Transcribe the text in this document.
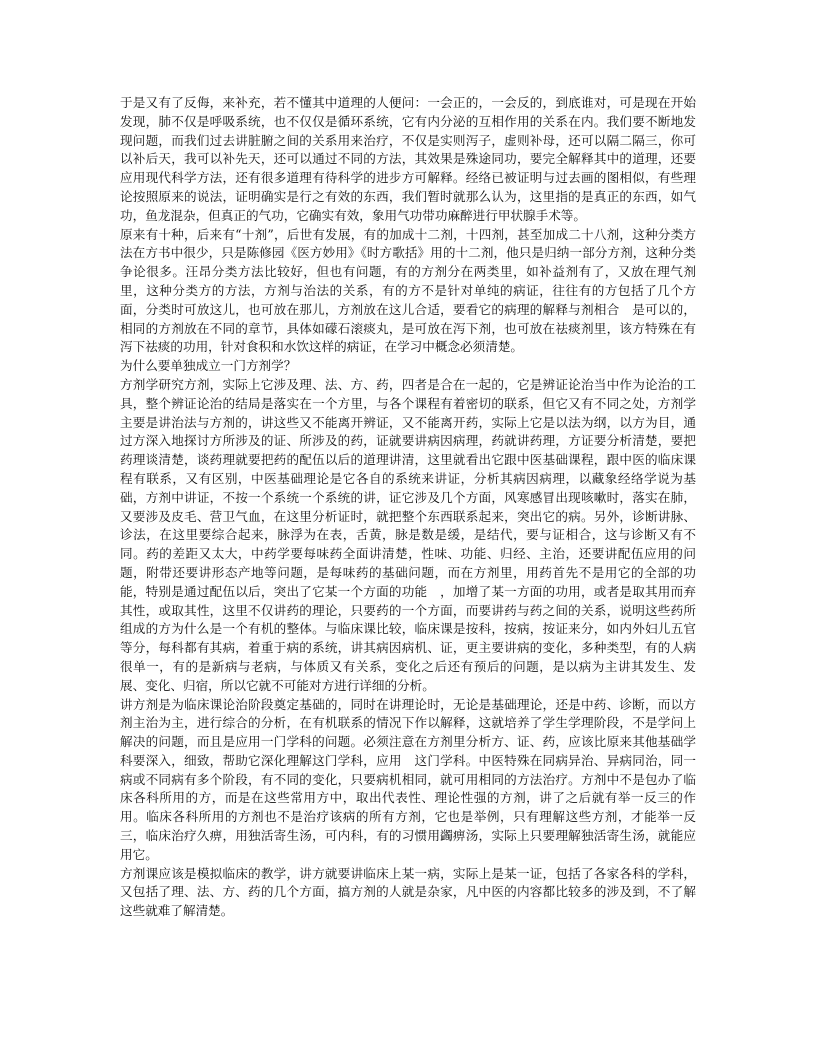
于是又有了反侮，来补充，若不懂其中道理的人便问：一会正的，一会反的，到底谁对，可是现在开始发现，肺不仅是呼吸系统，也不仅仅是循环系统，它有内分泌的互相作用的关系在内。我们要不断地发现问题，而我们过去讲脏腑之间的关系用来治疗，不仅是实则泻子，虚则补母，还可以隔二隔三，你可以补后天，我可以补先天，还可以通过不同的方法，其效果是殊途同功，要完全解释其中的道理，还要应用现代科学方法，还有很多道理有待科学的进步方可解释。经络已被证明与过去画的图相似，有些理论按照原来的说法，证明确实是行之有效的东西，我们暂时就那么认为，这里指的是真正的东西，如气功，鱼龙混杂，但真正的气功，它确实有效，象用气功带功麻醉进行甲状腺手术等。

原来有十种，后来有“十剂”，后世有发展，有的加成十二剂，十四剂，甚至加成二十八剂，这种分类方法在方书中很少，只是陈修园《医方妙用》《时方歌括》用的十二剂，他只是归纳一部分方剂，这种分类争论很多。汪昂分类方法比较好，但也有问题，有的方剂分在两类里，如补益剂有了，又放在理气剂里，这种分类方的方法，方剂与治法的关系，有的方不是针对单纯的病证，往往有的方包括了几个方面，分类时可放这儿，也可放在那儿，方剂放在这儿合适，要看它的病理的解释与剂相合　是可以的，相同的方剂放在不同的章节，具体如礞石滚痰丸，是可放在泻下剂，也可放在祛痰剂里，该方特殊在有泻下祛痰的功用，针对食积和水饮这样的病证，在学习中概念必须清楚。

为什么要单独成立一门方剂学？

方剂学研究方剂，实际上它涉及理、法、方、药，四者是合在一起的，它是辨证论治当中作为论治的工具，整个辨证论治的结局是落实在一个方里，与各个课程有着密切的联系，但它又有不同之处，方剂学主要是讲治法与方剂的，讲这些又不能离开辨证，又不能离开药，实际上它是以法为纲，以方为目，通过方深入地探讨方所涉及的证、所涉及的药，证就要讲病因病理，药就讲药理，方证要分析清楚，要把药理谈清楚，谈药理就要把药的配伍以后的道理讲清，这里就看出它跟中医基础课程，跟中医的临床课程有联系，又有区别，中医基础理论是它各自的系统来讲证，分析其病因病理，以藏象经络学说为基础，方剂中讲证，不按一个系统一个系统的讲，证它涉及几个方面，风寒感冒出现咳嗽时，落实在肺，又要涉及皮毛、营卫气血，在这里分析证时，就把整个东西联系起来，突出它的病。另外，诊断讲脉、诊法，在这里要综合起来，脉浮为在表，舌黄，脉是数是缓，是结代，要与证相合，这与诊断又有不同。药的差距又太大，中药学要每味药全面讲清楚，性味、功能、归经、主治，还要讲配伍应用的问题，附带还要讲形态产地等问题，是每味药的基础问题，而在方剂里，用药首先不是用它的全部的功能，特别是通过配伍以后，突出了它某一个方面的功能　，加增了某一方面的功用，或者是取其用而弃其性，或取其性，这里不仅讲药的理论，只要药的一个方面，而要讲药与药之间的关系，说明这些药所组成的方为什么是一个有机的整体。与临床课比较，临床课是按科，按病，按证来分，如内外妇儿五官等分，每科都有其病，着重于病的系统，讲其病因病机、证，更主要讲病的变化，多种类型，有的人病很单一，有的是新病与老病，与体质又有关系，变化之后还有预后的问题，是以病为主讲其发生、发展、变化、归宿，所以它就不可能对方进行详细的分析。

讲方剂是为临床课论治阶段奠定基础的，同时在讲理论时，无论是基础理论，还是中药、诊断，而以方剂主治为主，进行综合的分析，在有机联系的情况下作以解释，这就培养了学生学理阶段，不是学问上解决的问题，而且是应用一门学科的问题。必须注意在方剂里分析方、证、药，应该比原来其他基础学科要深入，细致，帮助它深化理解这门学科，应用　这门学科。中医特殊在同病异治、异病同治，同一病或不同病有多个阶段，有不同的变化，只要病机相同，就可用相同的方法治疗。方剂中不是包办了临床各科所用的方，而是在这些常用方中，取出代表性、理论性强的方剂，讲了之后就有举一反三的作用。临床各科所用的方剂也不是治疗该病的所有方剂，它也是举例，只有理解这些方剂，才能举一反三，临床治疗久痹，用独活寄生汤，可内科，有的习惯用蠲痹汤，实际上只要理解独活寄生汤，就能应用它。

方剂课应该是模拟临床的教学，讲方就要讲临床上某一病，实际上是某一证，包括了各家各科的学科，又包括了理、法、方、药的几个方面，搞方剂的人就是杂家，凡中医的内容都比较多的涉及到，不了解这些就难了解清楚。
